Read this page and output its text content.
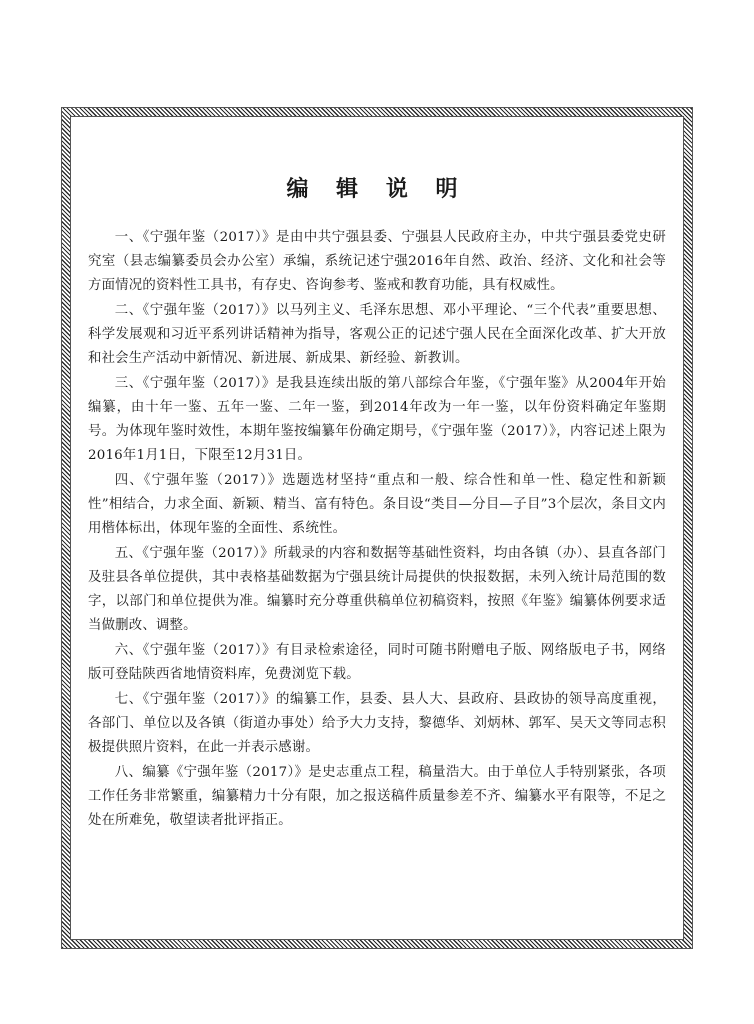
编 辑 说 明

一、《宁强年鉴（2017）》是由中共宁强县委、宁强县人民政府主办，中共宁强县委党史研究室（县志编纂委员会办公室）承编，系统记述宁强2016年自然、政治、经济、文化和社会等方面情况的资料性工具书，有存史、咨询参考、鉴戒和教育功能，具有权威性。

二、《宁强年鉴（2017）》以马列主义、毛泽东思想、邓小平理论、“三个代表”重要思想、科学发展观和习近平系列讲话精神为指导，客观公正的记述宁强人民在全面深化改革、扩大开放和社会生产活动中新情况、新进展、新成果、新经验、新教训。

三、《宁强年鉴（2017）》是我县连续出版的第八部综合年鉴，《宁强年鉴》从2004年开始编纂，由十年一鉴、五年一鉴、二年一鉴，到2014年改为一年一鉴，以年份资料确定年鉴期号。为体现年鉴时效性，本期年鉴按编纂年份确定期号，《宁强年鉴（2017）》，内容记述上限为2016年1月1日，下限至12月31日。

四、《宁强年鉴（2017）》选题选材坚持“重点和一般、综合性和单一性、稳定性和新颖性”相结合，力求全面、新颖、精当、富有特色。条目设“类目—分目—子目”3个层次，条目文内用楷体标出，体现年鉴的全面性、系统性。

五、《宁强年鉴（2017）》所载录的内容和数据等基础性资料，均由各镇（办）、县直各部门及驻县各单位提供，其中表格基础数据为宁强县统计局提供的快报数据，未列入统计局范围的数字，以部门和单位提供为准。编纂时充分尊重供稿单位初稿资料，按照《年鉴》编纂体例要求适当做删改、调整。

六、《宁强年鉴（2017）》有目录检索途径，同时可随书附赠电子版、网络版电子书，网络版可登陆陕西省地情资料库，免费浏览下载。

七、《宁强年鉴（2017）》的编纂工作，县委、县人大、县政府、县政协的领导高度重视，各部门、单位以及各镇（街道办事处）给予大力支持，黎德华、刘炳林、郭军、吴天文等同志积极提供照片资料，在此一并表示感谢。

八、编纂《宁强年鉴（2017）》是史志重点工程，稿量浩大。由于单位人手特别紧张，各项工作任务非常繁重，编纂精力十分有限，加之报送稿件质量参差不齐、编纂水平有限等，不足之处在所难免，敬望读者批评指正。
